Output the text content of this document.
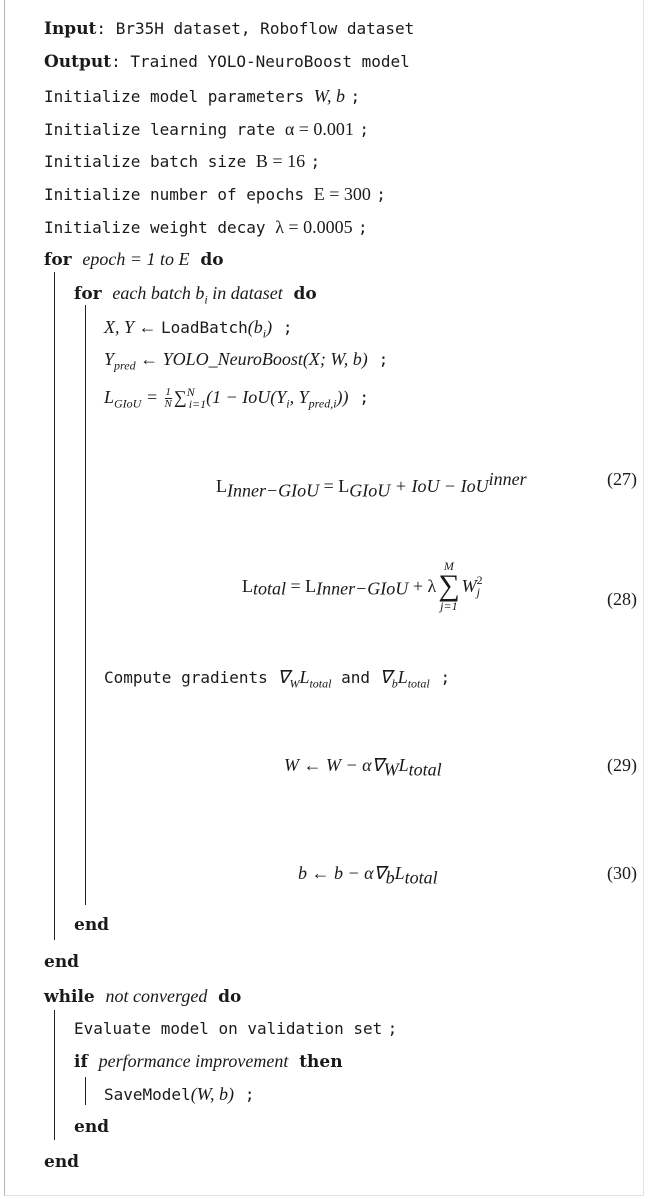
Input: Br35H dataset, Roboflow dataset
Output: Trained YOLO-NeuroBoost model
Initialize model parameters W, b ;
Initialize learning rate α = 0.001 ;
Initialize batch size B = 16 ;
Initialize number of epochs E = 300 ;
Initialize weight decay λ = 0.0005 ;
for epoch = 1 to E do
for each batch $b_i$ in dataset do
X, Y ← $LoadBatch(b_i)$ ;
$Y_{pred}$ ← YOLO_NeuroBoost(X; W, b) ;
$L_{GIoU} = \frac{1}{N} \sum^N_{i=1}(1 - IoU(Y_i$, $Y_{pred,i}$)) ;
$L_{Inner-GIoU} = L_{GIoU}$ + IoU − IoU$^{inner}$	(27)
$L_{total} = L_{Inner-GIoU} + \lambda$
M
∑
j=1
W 2
j	(28)
Compute gradients $\nabla_WL_{total}$ and $\nabla_bL_{total}$ ;
W ← $W - \alpha\nabla_WL_{total}$	(29)
b ← $b - \alpha\nabla_bL_{total}$	(30)
end
end
while not converged do
Evaluate model on validation set ;
if performance improvement then
SaveModel(W, b) ;
end
end
